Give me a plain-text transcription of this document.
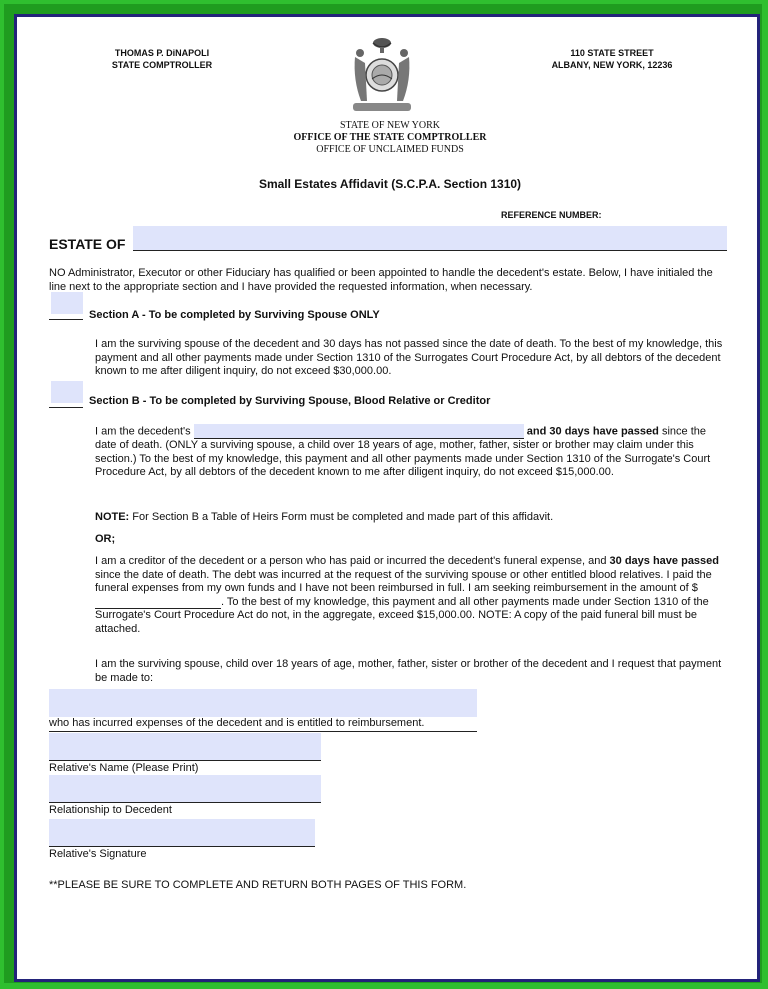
THOMAS P. DiNAPOLI
STATE COMPTROLLER
110 STATE STREET
ALBANY, NEW YORK, 12236
STATE OF NEW YORK
OFFICE OF THE STATE COMPTROLLER
OFFICE OF UNCLAIMED FUNDS
Small Estates Affidavit (S.C.P.A. Section 1310)
REFERENCE NUMBER:
ESTATE OF
NO Administrator, Executor or other Fiduciary has qualified or been appointed to handle the decedent's estate. Below, I have initialed the line next to the appropriate section and I have provided the requested information, when necessary.
Section A - To be completed by Surviving Spouse ONLY
I am the surviving spouse of the decedent and 30 days has not passed since the date of death. To the best of my knowledge, this payment and all other payments made under Section 1310 of the Surrogates Court Procedure Act, by all debtors of the decedent known to me after diligent inquiry, do not exceed $30,000.00.
Section B - To be completed by Surviving Spouse, Blood Relative or Creditor
I am the decedent's	and 30 days have passed since the date of death. (ONLY a surviving spouse, a child over 18 years of age, mother, father, sister or brother may claim under this section.) To the best of my knowledge, this payment and all other payments made under Section 1310 of the Surrogate's Court Procedure Act, by all debtors of the decedent known to me after diligent inquiry, do not exceed $15,000.00.
NOTE: For Section B a Table of Heirs Form must be completed and made part of this affidavit.
OR;
I am a creditor of the decedent or a person who has paid or incurred the decedent's funeral expense, and 30 days have passed since the date of death. The debt was incurred at the request of the surviving spouse or other entitled blood relatives. I paid the funeral expenses from my own funds and I have not been reimbursed in full. I am seeking reimbursement in the amount of $. To the best of my knowledge, this payment and all other payments made under Section 1310 of the Surrogate's Court Procedure Act do not, in the aggregate, exceed $15,000.00. NOTE: A copy of the paid funeral bill must be attached.
I am the surviving spouse, child over 18 years of age, mother, father, sister or brother of the decedent and I request that payment be made to:
who has incurred expenses of the decedent and is entitled to reimbursement.
Relative's Name (Please Print)
Relationship to Decedent
Relative's Signature
**PLEASE BE SURE TO COMPLETE AND RETURN BOTH PAGES OF THIS FORM.
